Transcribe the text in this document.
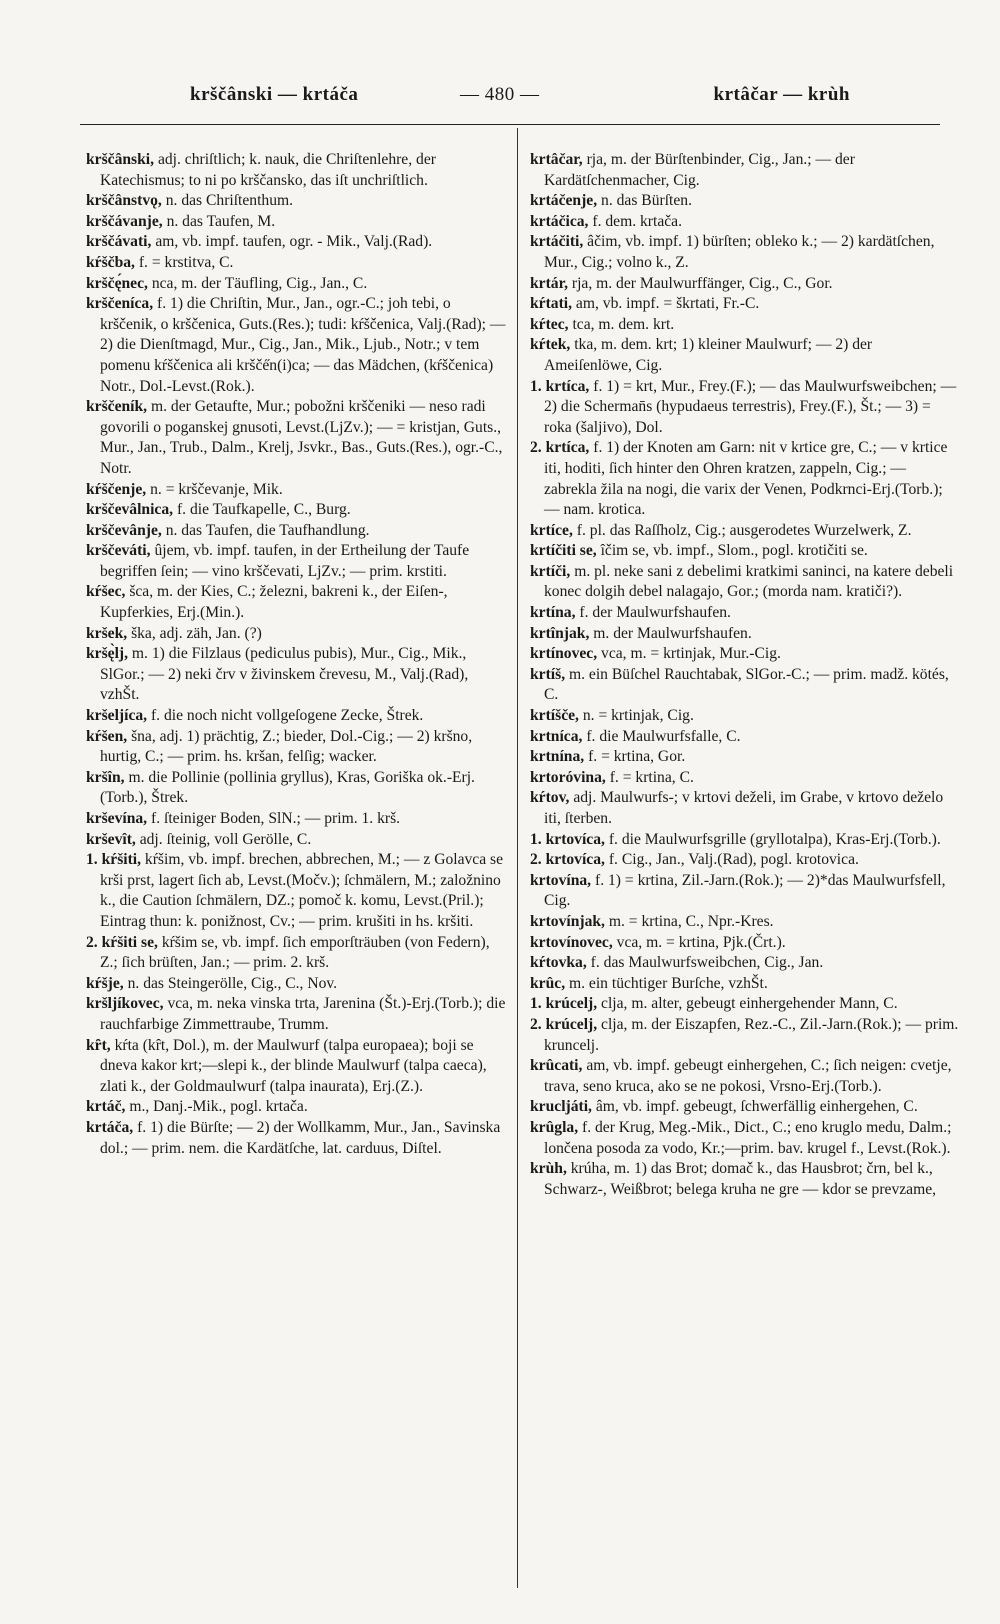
krščânski — krtáča	— 480 —	krtâčar — krùh
krščânski, adj. chriſtlich; k. nauk, die Chriſtenlehre, der Katechismus; to ni po krščansko, das iſt unchriſtlich.
krščânstvǫ, n. das Chriſtenthum.
krščávanje, n. das Taufen, M.
krščávati, am, vb. impf. taufen, ogr. - Mik., Valj.(Rad).
kŕščba, f. = krstitva, C.
krščę́nec, nca, m. der Täufling, Cig., Jan., C.
krščeníca, f. 1) die Chriſtin, Mur., Jan., ogr.-C.; joh tebi, o krščenik, o krščenica, Guts.(Res.); tudi: kŕščenica, Valj.(Rad); — 2) die Dienſtmagd, Mur., Cig., Jan., Mik., Ljub., Notr.; v tem pomenu kŕščenica ali kršče̋n(i)ca; — das Mädchen, (kŕščenica) Notr., Dol.-Levst.(Rok.).
krščeník, m. der Getaufte, Mur.; pobožni krščeniki — neso radi govorili o poganskej gnusoti, Levst.(LjZv.); — = kristjan, Guts., Mur., Jan., Trub., Dalm., Krelj, Jsvkr., Bas., Guts.(Res.), ogr.-C., Notr.
kŕščenje, n. = krščevanje, Mik.
krščevâlnica, f. die Taufkapelle, C., Burg.
krščevânje, n. das Taufen, die Taufhandlung.
krščeváti, ûjem, vb. impf. taufen, in der Ertheilung der Taufe begriffen ſein; — vino krščevati, LjZv.; — prim. krstiti.
kŕšec, šca, m. der Kies, C.; železni, bakreni k., der Eiſen-, Kupferkies, Erj.(Min.).
kršek, ška, adj. zäh, Jan. (?)
kršę̀lj, m. 1) die Filzlaus (pediculus pubis), Mur., Cig., Mik., SlGor.; — 2) neki črv v živinskem črevesu, M., Valj.(Rad), vzhŠt.
kršeljíca, f. die noch nicht vollgeſogene Zecke, Štrek.
kŕšen, šna, adj. 1) prächtig, Z.; bieder, Dol.-Cig.; — 2) kršno, hurtig, C.; — prim. hs. kršan, felſig; wacker.
kršîn, m. die Pollinie (pollinia gryllus), Kras, Goriška ok.-Erj.(Torb.), Štrek.
krševína, f. ſteiniger Boden, SlN.; — prim. 1. krš.
krševît, adj. ſteinig, voll Gerölle, C.
1. kŕšiti, kŕšim, vb. impf. brechen, abbrechen, M.; — z Golavca se krši prst, lagert ſich ab, Levst.(Močv.); ſchmälern, M.; založnino k., die Caution ſchmälern, DZ.; pomoč k. komu, Levst.(Pril.); Eintrag thun: k. ponižnost, Cv.; — prim. krušiti in hs. kršiti.
2. kŕšiti se, kŕšim se, vb. impf. ſich emporſträuben (von Federn), Z.; ſich brüſten, Jan.; — prim. 2. krš.
kŕšje, n. das Steingerölle, Cig., C., Nov.
kršljíkovec, vca, m. neka vinska trta, Jarenina (Št.)-Erj.(Torb.); die rauchfarbige Zimmettraube, Trumm.
kȓt, kŕta (kȓt, Dol.), m. der Maulwurf (talpa europaea); boji se dneva kakor krt;—slepi k., der blinde Maulwurf (talpa caeca), zlati k., der Goldmaulwurf (talpa inaurata), Erj.(Z.).
krtáč, m., Danj.-Mik., pogl. krtača.
krtáča, f. 1) die Bürſte; — 2) der Wollkamm, Mur., Jan., Savinska dol.; — prim. nem. die Kardätſche, lat. carduus, Diſtel.
krtâčar, rja, m. der Bürſtenbinder, Cig., Jan.; — der Kardätſchenmacher, Cig.
krtáčenje, n. das Bürſten.
krtáčica, f. dem. krtača.
krtáčiti, âčim, vb. impf. 1) bürſten; obleko k.; — 2) kardätſchen, Mur., Cig.; volno k., Z.
krtár, rja, m. der Maulwurffänger, Cig., C., Gor.
kŕtati, am, vb. impf. = škrtati, Fr.-C.
kŕtec, tca, m. dem. krt.
kŕtek, tka, m. dem. krt; 1) kleiner Maulwurf; — 2) der Ameiſenlöwe, Cig.
1. krtíca, f. 1) = krt, Mur., Frey.(F.); — das Maulwurfsweibchen; — 2) die Scherman̄s (hypudaeus terrestris), Frey.(F.), Št.; — 3) = roka (šaljivo), Dol.
2. krtíca, f. 1) der Knoten am Garn: nit v krtice gre, C.; — v krtice iti, hoditi, ſich hinter den Ohren kratzen, zappeln, Cig.; — zabrekla žila na nogi, die varix der Venen, Podkrnci-Erj.(Torb.); — nam. krotica.
krtíce, f. pl. das Raſſholz, Cig.; ausgerodetes Wurzelwerk, Z.
krtíčiti se, îčim se, vb. impf., Slom., pogl. krotičiti se.
krtíči, m. pl. neke sani z debelimi kratkimi saninci, na katere debeli konec dolgih debel nalagajo, Gor.; (morda nam. kratiči?).
krtína, f. der Maulwurfshaufen.
krtînjak, m. der Maulwurfshaufen.
krtínovec, vca, m. = krtinjak, Mur.-Cig.
krtíš, m. ein Büſchel Rauchtabak, SlGor.-C.; — prim. madž. kötés, C.
krtíšče, n. = krtinjak, Cig.
krtníca, f. die Maulwurfsfalle, C.
krtnína, f. = krtina, Gor.
krtoróvina, f. = krtina, C.
kŕtov, adj. Maulwurfs-; v krtovi deželi, im Grabe, v krtovo deželo iti, ſterben.
1. krtovíca, f. die Maulwurfsgrille (gryllotalpa), Kras-Erj.(Torb.).
2. krtovíca, f. Cig., Jan., Valj.(Rad), pogl. krotovica.
krtovína, f. 1) = krtina, Zil.-Jarn.(Rok.); — 2)*das Maulwurfsfell, Cig.
krtovínjak, m. = krtina, C., Npr.-Kres.
krtovínovec, vca, m. = krtina, Pjk.(Črt.).
kŕtovka, f. das Maulwurfsweibchen, Cig., Jan.
krûc, m. ein tüchtiger Burſche, vzhŠt.
1. krúcelj, clja, m. alter, gebeugt einhergehender Mann, C.
2. krúcelj, clja, m. der Eiszapfen, Rez.-C., Zil.-Jarn.(Rok.); — prim. kruncelj.
krûcati, am, vb. impf. gebeugt einhergehen, C.; ſich neigen: cvetje, trava, seno kruca, ako se ne pokosi, Vrsno-Erj.(Torb.).
krucljáti, âm, vb. impf. gebeugt, ſchwerfällig einhergehen, C.
krûgla, f. der Krug, Meg.-Mik., Dict., C.; eno kruglo medu, Dalm.; lončena posoda za vodo, Kr.;—prim. bav. krugel f., Levst.(Rok.).
krùh, krúha, m. 1) das Brot; domač k., das Hausbrot; črn, bel k., Schwarz-, Weißbrot; belega kruha ne gre — kdor se prevzame,
